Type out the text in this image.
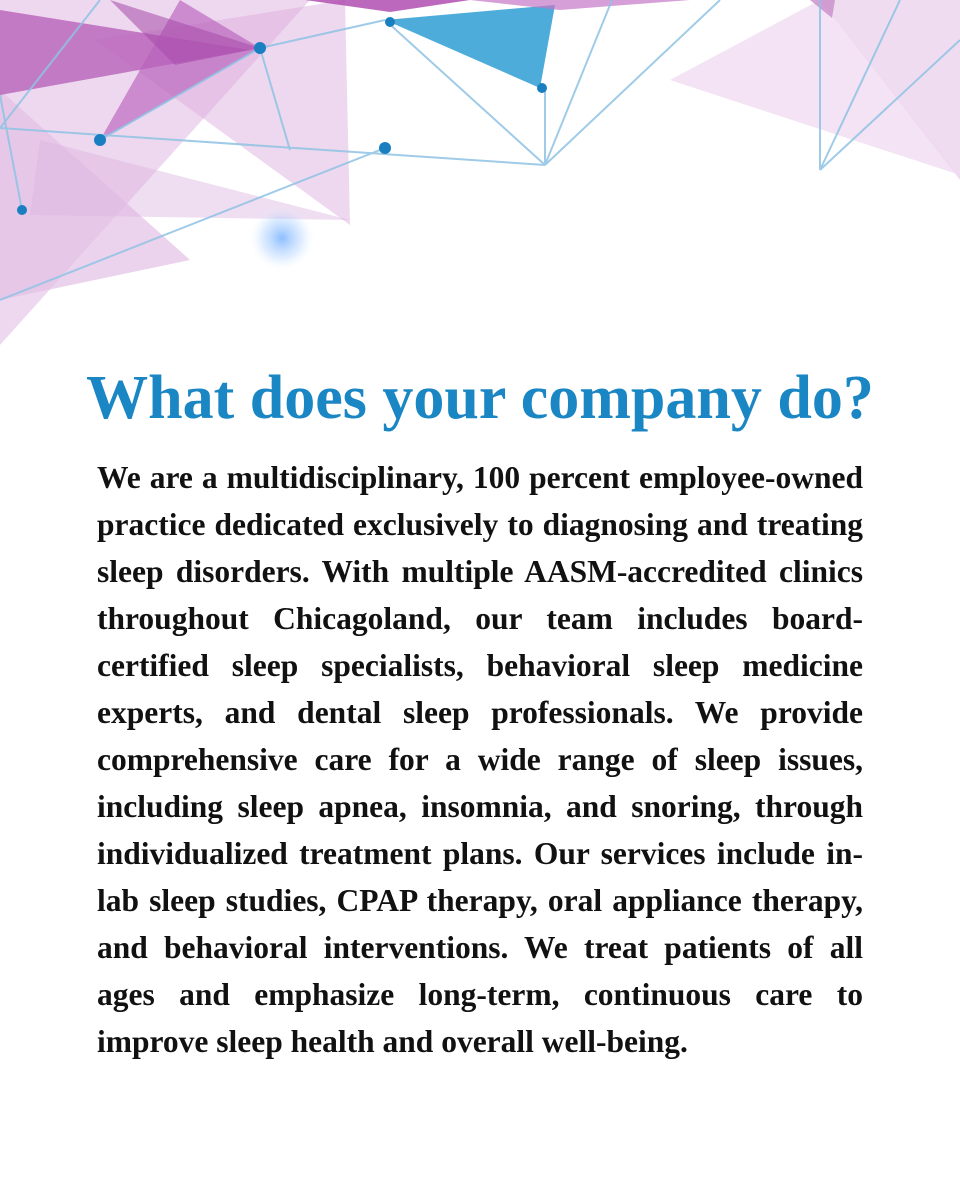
What does your company do?

We are a multidisciplinary, 100 percent employee-owned practice dedicated exclusively to diagnosing and treating sleep disorders. With multiple AASM-accredited clinics throughout Chicagoland, our team includes board-certified sleep specialists, behavioral sleep medicine experts, and dental sleep professionals. We provide comprehensive care for a wide range of sleep issues, including sleep apnea, insomnia, and snoring, through individualized treatment plans. Our services include in-lab sleep studies, CPAP therapy, oral appliance therapy, and behavioral interventions. We treat patients of all ages and emphasize long-term, continuous care to improve sleep health and overall well-being.
